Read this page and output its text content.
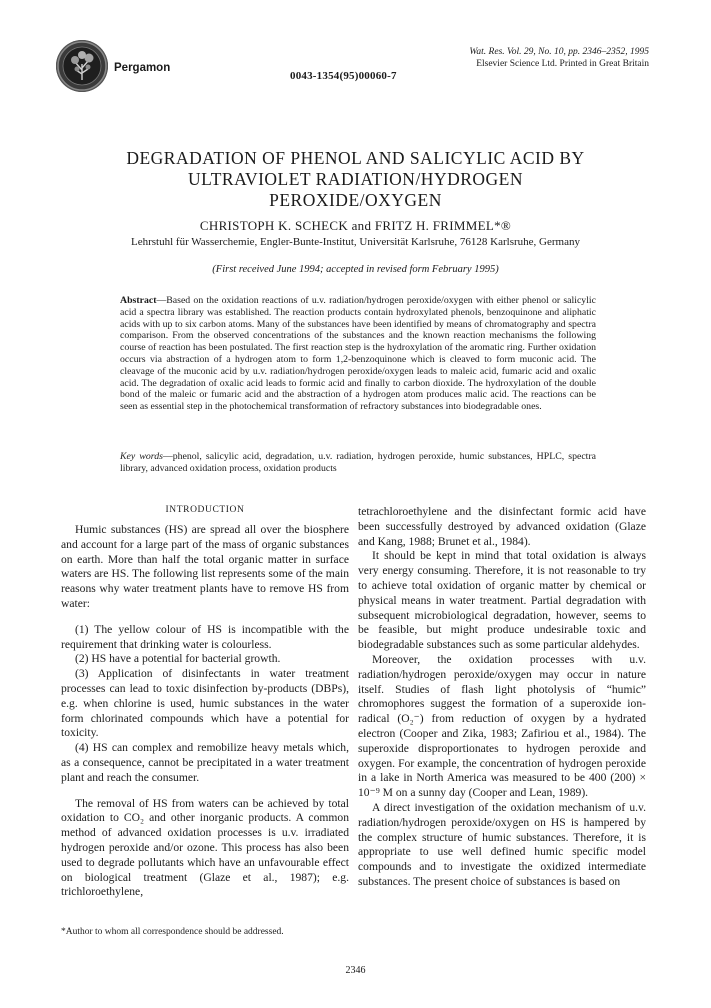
Pergamon
0043-1354(95)00060-7
Wat. Res. Vol. 29, No. 10, pp. 2346–2352, 1995
Elsevier Science Ltd. Printed in Great Britain
DEGRADATION OF PHENOL AND SALICYLIC ACID BY
ULTRAVIOLET RADIATION/HYDROGEN
PEROXIDE/OXYGEN
CHRISTOPH K. SCHECK and FRITZ H. FRIMMEL*®
Lehrstuhl für Wasserchemie, Engler-Bunte-Institut, Universität Karlsruhe, 76128 Karlsruhe, Germany
(First received June 1994; accepted in revised form February 1995)
Abstract—Based on the oxidation reactions of u.v. radiation/hydrogen peroxide/oxygen with either phenol or salicylic acid a spectra library was established. The reaction products contain hydroxylated phenols, benzoquinone and aliphatic acids with up to six carbon atoms. Many of the substances have been identified by means of chromatography and spectra comparison. From the observed concentrations of the substances and the known reaction mechanisms the following course of reaction has been postulated. The first reaction step is the hydroxylation of the aromatic ring. Further oxidation occurs via abstraction of a hydrogen atom to form 1,2-benzoquinone which is cleaved to form muconic acid. The cleavage of the muconic acid by u.v. radiation/hydrogen peroxide/oxygen leads to maleic acid, fumaric acid and oxalic acid. The degradation of oxalic acid leads to formic acid and finally to carbon dioxide. The hydroxylation of the double bond of the maleic or fumaric acid and the abstraction of a hydrogen atom produces malic acid. The reactions can be seen as essential step in the photochemical transformation of refractory substances into biodegradable ones.
Key words—phenol, salicylic acid, degradation, u.v. radiation, hydrogen peroxide, humic substances, HPLC, spectra library, advanced oxidation process, oxidation products
INTRODUCTION

Humic substances (HS) are spread all over the biosphere and account for a large part of the mass of organic substances on earth. More than half the total organic matter in surface waters are HS. The following list represents some of the main reasons why water treatment plants have to remove HS from water:

(1) The yellow colour of HS is incompatible with the requirement that drinking water is colourless.

(2) HS have a potential for bacterial growth.

(3) Application of disinfectants in water treatment processes can lead to toxic disinfection by-products (DBPs), e.g. when chlorine is used, humic substances in the water form chlorinated compounds which have a potential for toxicity.

(4) HS can complex and remobilize heavy metals which, as a consequence, cannot be precipitated in a water treatment plant and reach the consumer.

The removal of HS from waters can be achieved by total oxidation to CO₂ and other inorganic products. A common method of advanced oxidation processes is u.v. irradiated hydrogen peroxide and/or ozone. This process has also been used to degrade pollutants which have an unfavourable effect on biological treatment (Glaze et al., 1987); e.g. trichloroethylene,

tetrachloroethylene and the disinfectant formic acid have been successfully destroyed by advanced oxidation (Glaze and Kang, 1988; Brunet et al., 1984).

It should be kept in mind that total oxidation is always very energy consuming. Therefore, it is not reasonable to try to achieve total oxidation of organic matter by chemical or physical means in water treatment. Partial degradation with subsequent microbiological degradation, however, seems to be feasible, but might produce undesirable toxic and biodegradable substances such as some particular aldehydes.

Moreover, the oxidation processes with u.v. radiation/hydrogen peroxide/oxygen may occur in nature itself. Studies of flash light photolysis of “humic” chromophores suggest the formation of a superoxide ion-radical (O₂⁻) from reduction of oxygen by a hydrated electron (Cooper and Zika, 1983; Zafiriou et al., 1984). The superoxide disproportionates to hydrogen peroxide and oxygen. For example, the concentration of hydrogen peroxide in a lake in North America was measured to be 400 (200) × 10⁻⁹ M on a sunny day (Cooper and Lean, 1989).

A direct investigation of the oxidation mechanism of u.v. radiation/hydrogen peroxide/oxygen on HS is hampered by the complex structure of humic substances. Therefore, it is appropriate to use well defined humic specific model compounds and to investigate the oxidized intermediate substances. The present choice of substances is based on

*Author to whom all correspondence should be addressed.
2346
